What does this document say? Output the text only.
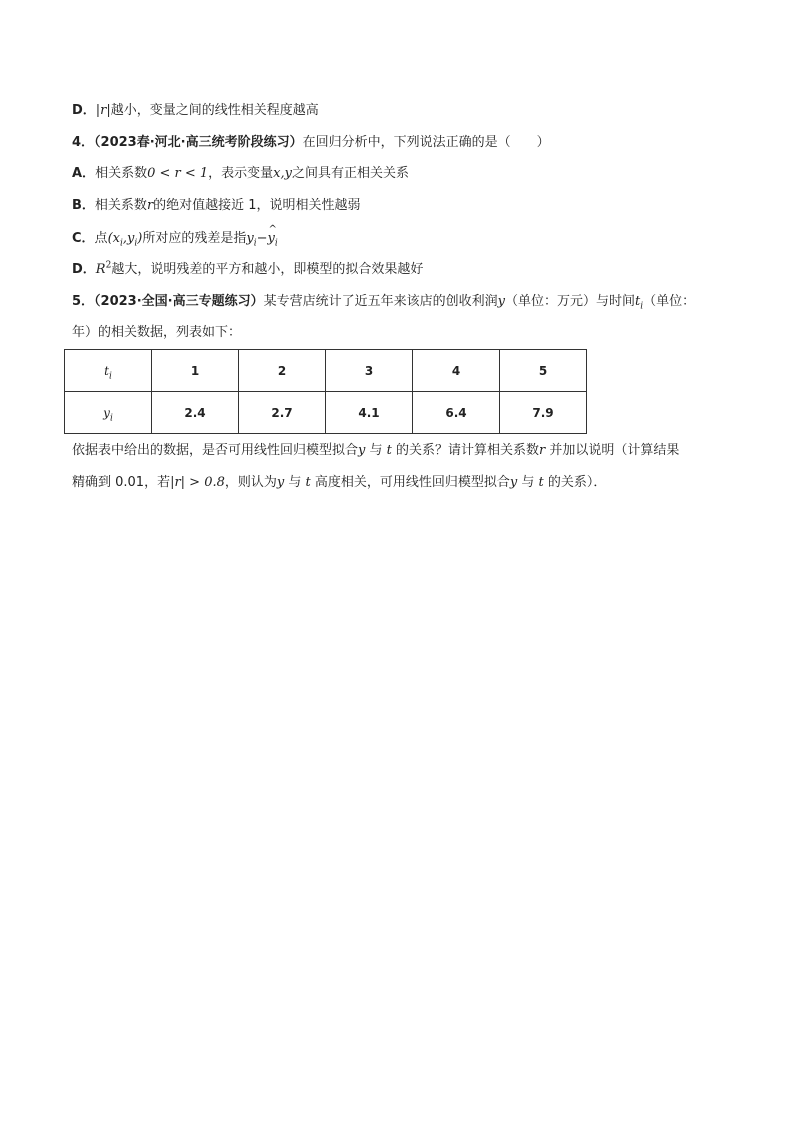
D．|r|越小，变量之间的线性相关程度越高
4．（2023春·河北·高三统考阶段练习）在回归分析中，下列说法正确的是（　　）
A．相关系数0 < r < 1，表示变量x,y之间具有正相关关系
B．相关系数r的绝对值越接近 1，说明相关性越弱
C．点$(x_i,y_i)$所对应的残差是指$y_i-\^{}$ $y_i$
D．$R^2$越大，说明残差的平方和越小，即模型的拟合效果越好
5．（2023·全国·高三专题练习）某专营店统计了近五年来该店的创收利润y（单位：万元）与时间$t_i$（单位：
年）的相关数据，列表如下：
$t_i$	1	2	3	4	5
$y_i$	2.4	2.7	4.1	6.4	7.9
依据表中给出的数据，是否可用线性回归模型拟合y 与 t 的关系？请计算相关系数r 并加以说明（计算结果
精确到 0.01，若|r| > 0.8，则认为y 与 t 高度相关，可用线性回归模型拟合y 与 t 的关系）．
